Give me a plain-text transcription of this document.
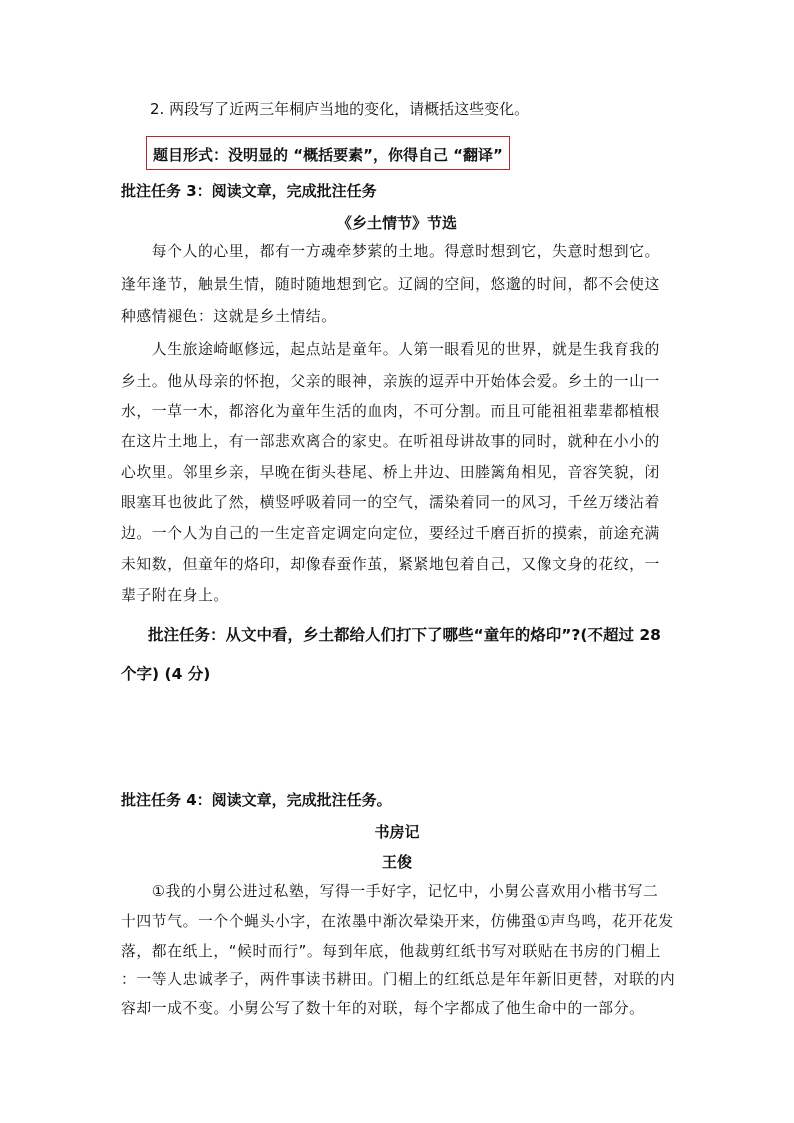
2. 两段写了近两三年桐庐当地的变化，请概括这些变化。
题目形式：没明显的 “概括要素”，你得自己 “翻译”
批注任务 3：阅读文章，完成批注任务
《乡土情节》节选
　　每个人的心里，都有一方魂牵梦萦的土地。得意时想到它，失意时想到它。
逢年逢节，触景生情，随时随地想到它。辽阔的空间，悠邈的时间，都不会使这
种感情褪色：这就是乡土情结。
　　人生旅途崎岖修远，起点站是童年。人第一眼看见的世界，就是生我育我的
乡土。他从母亲的怀抱，父亲的眼神，亲族的逗弄中开始体会爱。乡土的一山一
水，一草一木，都溶化为童年生活的血肉，不可分割。而且可能祖祖辈辈都植根
在这片土地上，有一部悲欢离合的家史。在听祖母讲故事的同时，就种在小小的
心坎里。邻里乡亲，早晚在街头巷尾、桥上井边、田塍篱角相见，音容笑貌，闭
眼塞耳也彼此了然，横竖呼吸着同一的空气，濡染着同一的风习，千丝万缕沾着
边。一个人为自己的一生定音定调定向定位，要经过千磨百折的摸索，前途充满
未知数，但童年的烙印，却像春蚕作茧，紧紧地包着自己，又像文身的花纹，一
辈子附在身上。
批注任务：从文中看，乡土都给人们打下了哪些“童年的烙印”?(不超过 28
个字) (4 分)
批注任务 4：阅读文章，完成批注任务。
书房记
王俊
　　①我的小舅公进过私塾，写得一手好字，记忆中，小舅公喜欢用小楷书写二
十四节气。一个个蝇头小字，在浓墨中渐次晕染开来，仿佛蛩①声鸟鸣，花开花发
落，都在纸上，“候时而行”。每到年底，他裁剪红纸书写对联贴在书房的门楣上
：一等人忠诚孝子，两件事读书耕田。门楣上的红纸总是年年新旧更替，对联的内
容却一成不变。小舅公写了数十年的对联，每个字都成了他生命中的一部分。
